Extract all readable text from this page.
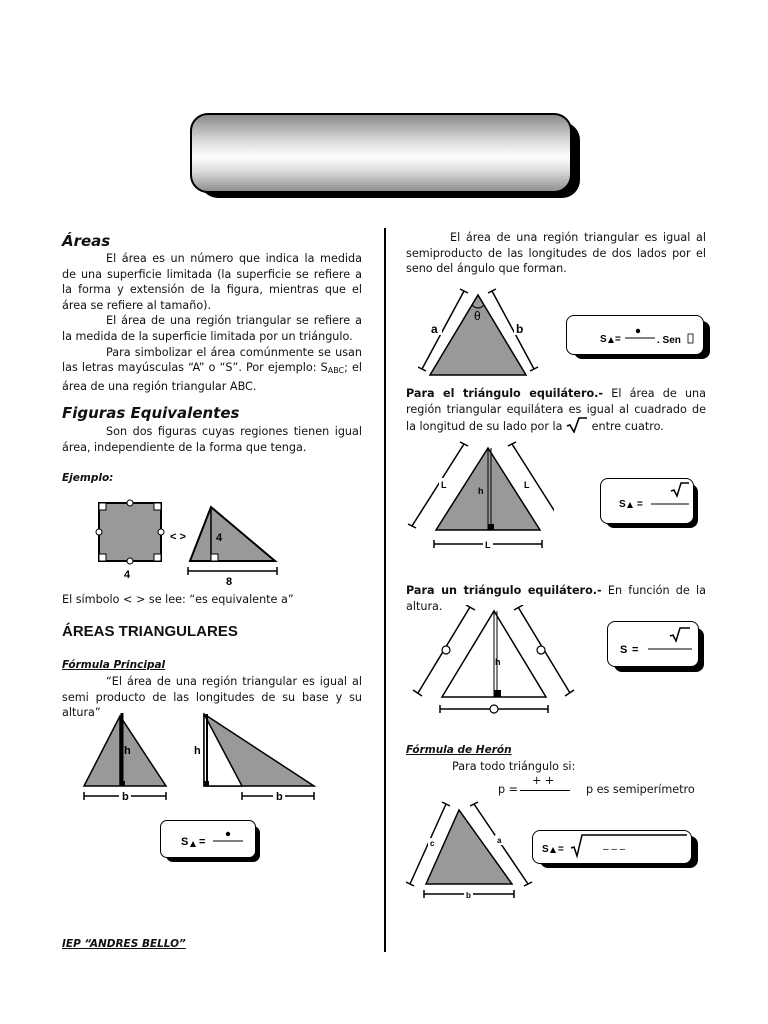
Áreas

El área es un número que indica la medida de una superficie limitada (la superficie se refiere a la forma y extensión de la figura, mientras que el área se refiere al tamaño).

El área de una región triangular se refiere a la medida de la superficie limitada por un triángulo.

Para simbolizar el área comúnmente se usan las letras mayúsculas “A” o “S”. Por ejemplo: $S_{ABC}$; el área de una región triangular ABC.

Figuras Equivalentes

Son dos figuras cuyas regiones tienen igual área, independiente de la forma que tenga.

Ejemplo:
4
< >	4
8
El símbolo < > se lee: “es equivalente a”
ÁREAS TRIANGULARES
Fórmula Principal

“El área de una región triangular es igual al semi producto de las longitudes de su base y su altura”

h
b
h
b
S =
IEP “ANDRES BELLO”

El área de una región triangular es igual al semiproducto de las longitudes de dos lados por el seno del ángulo que forman.

θ
a	b
S =	. Sen

Para el triángulo equilátero.- El área de una región triangular equilátera es igual al cuadrado de la longitud de su lado por la	entre cuatro.

h
L	L
L
S =

Para un triángulo equilátero.- En función de la altura.

h
S =
Fórmula de Herón
Para todo triángulo si:
p =
+ +
p es semiperímetro
c	a
b
S =	– – –
